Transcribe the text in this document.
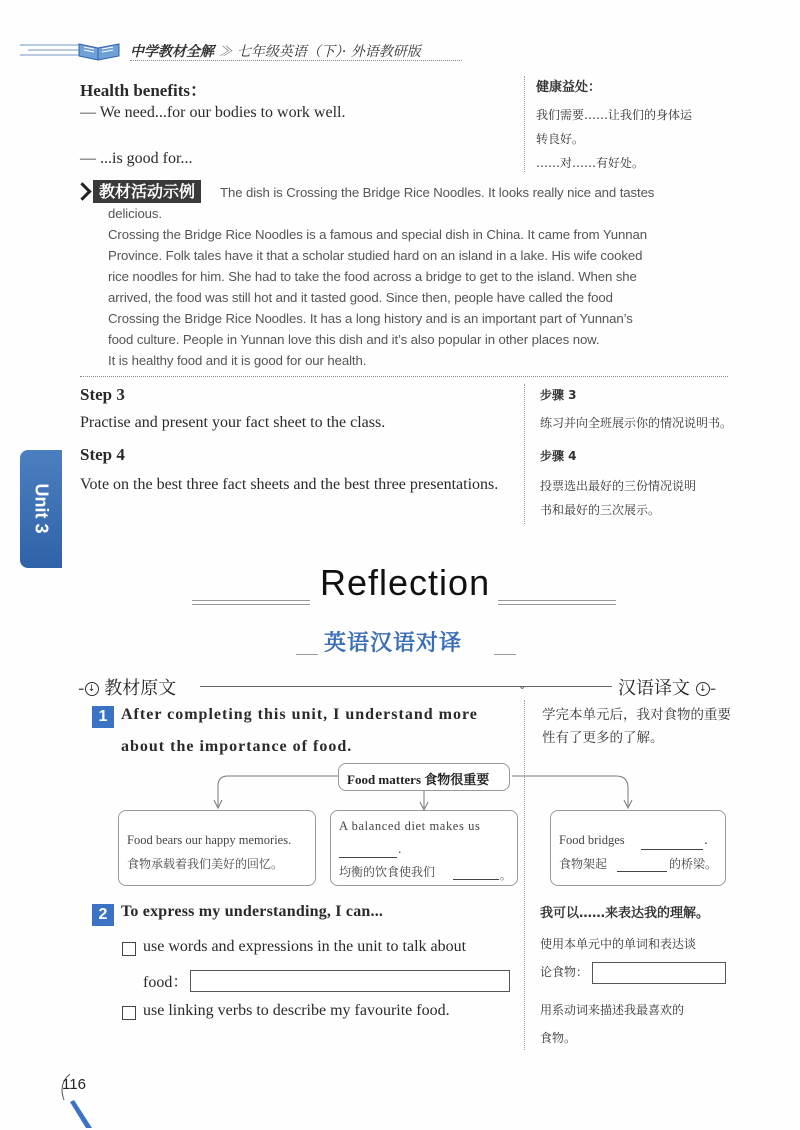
中学教材全解 ≫ 七年级英语（下）· 外语教研版
Health benefits：
— We need...for our bodies to work well.
— ...is good for...
健康益处：
我们需要……让我们的身体运
转良好。
……对……有好处。
教材活动示例	The dish is Crossing the Bridge Rice Noodles. It looks really nice and tastes
delicious.
Crossing the Bridge Rice Noodles is a famous and special dish in China. It came from Yunnan
Province. Folk tales have it that a scholar studied hard on an island in a lake. His wife cooked
rice noodles for him. She had to take the food across a bridge to get to the island. When she
arrived, the food was still hot and it tasted good. Since then, people have called the food
Crossing the Bridge Rice Noodles. It has a long history and is an important part of Yunnan’s
food culture. People in Yunnan love this dish and it’s also popular in other places now.
It is healthy food and it is good for our health.
Step 3
Practise and present your fact sheet to the class.
Step 4
Vote on the best three fact sheets and the best three presentations.
步骤 3
练习并向全班展示你的情况说明书。
步骤 4
投票选出最好的三份情况说明
书和最好的三次展示。
Unit 3
Reflection
英语汉语对译
- ↓ 教材原文	⌄	汉语译文 ↓ -
1 After completing this unit, I understand more
about the importance of food.
学完本单元后，我对食物的重要
性有了更多的了解。
Food matters 食物很重要
Food bears our happy memories.
食物承载着我们美好的回忆。
A balanced diet makes us
.
均衡的饮食使我们	。
Food bridges	.
食物架起	的桥梁。
2 To express my understanding, I can...	我可以……来表达我的理解。
use words and expressions in the unit to talk about
food：
使用本单元中的单词和表达谈
论食物：
use linking verbs to describe my favourite food.	用系动词来描述我最喜欢的
食物。
116
